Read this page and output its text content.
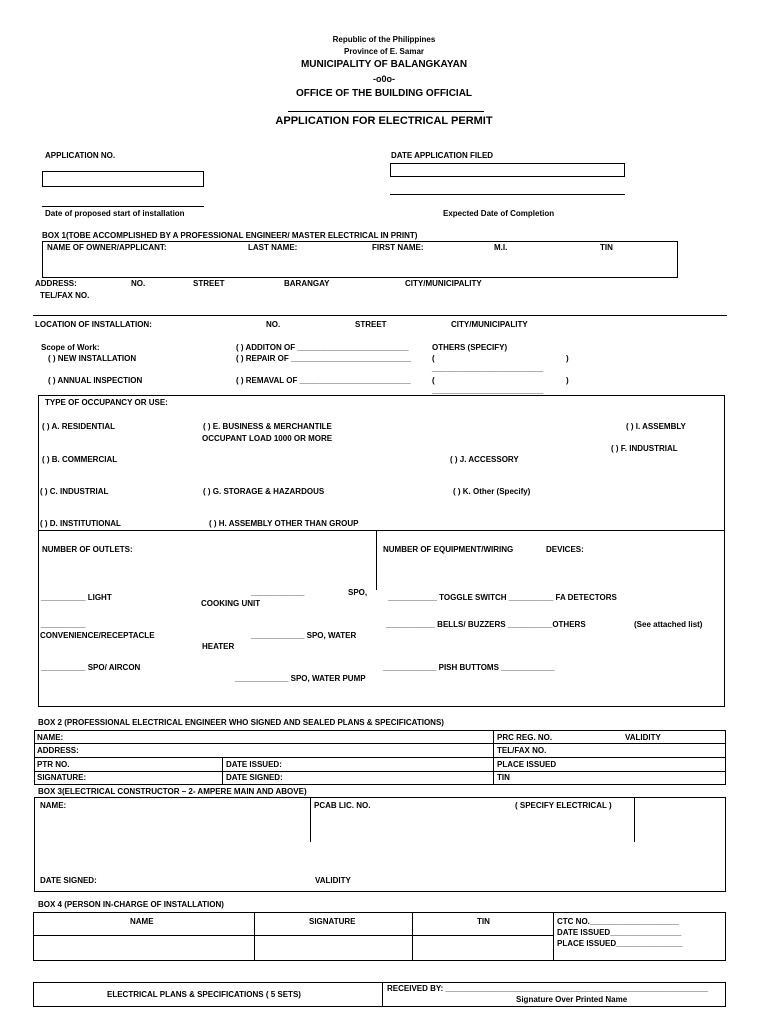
Republic of the Philippines
Province of E. Samar
MUNICIPALITY OF BALANGKAYAN
-o0o-
OFFICE OF THE BUILDING OFFICIAL
APPLICATION FOR ELECTRICAL PERMIT
APPLICATION NO.	DATE APPLICATION FILED
Date of proposed start of installation	Expected Date of Completion
BOX 1(TOBE ACCOMPLISHED BY A PROFESSIONAL ENGINEER/ MASTER ELECTRICAL IN PRINT)
NAME OF OWNER/APPLICANT:	LAST NAME:	FIRST NAME:	M.I.	TIN
ADDRESS:	NO.	STREET	BARANGAY	CITY/MUNICIPALITY
TEL/FAX NO.
LOCATION OF INSTALLATION:	NO.	STREET	CITY/MUNICIPALITY
Scope of Work:
( ) NEW INSTALLATION
( ) ANNUAL INSPECTION
( ) ADDITON OF _________________________
( ) REPAIR OF ___________________________
( ) REMAVAL OF _________________________
OTHERS (SPECIFY)
(	)
_________________________
(	)
_________________________
TYPE OF OCCUPANCY OR USE:
( ) A. RESIDENTIAL
( ) B. COMMERCIAL
( ) C. INDUSTRIAL
( ) D. INSTITUTIONAL
( ) E. BUSINESS & MERCHANTILE
OCCUPANT LOAD 1000 OR MORE
( ) G. STORAGE & HAZARDOUS
( ) H. ASSEMBLY OTHER THAN GROUP
( ) I. ASSEMBLY
( ) F. INDUSTRIAL
( ) J. ACCESSORY
( ) K. Other (Specify)
NUMBER OF OUTLETS:
__________ LIGHT
____________	SPO,
COOKING UNIT
__________
CONVENIENCE/RECEPTACLE	____________ SPO, WATER
HEATER
__________ SPO/ AIRCON
____________ SPO, WATER PUMP
NUMBER OF EQUIPMENT/WIRING	DEVICES:
___________ TOGGLE SWITCH __________ FA DETECTORS
___________ BELLS/ BUZZERS __________OTHERS	(See attached list)
____________ PISH BUTTOMS ____________
BOX 2 (PROFESSIONAL ELECTRICAL ENGINEER WHO SIGNED AND SEALED PLANS & SPECIFICATIONS)
NAME:	PRC REG. NO.	VALIDITY
ADDRESS:	TEL/FAX NO.
PTR NO.	DATE ISSUED:	PLACE ISSUED
SIGNATURE:	DATE SIGNED:	TIN
BOX 3(ELECTRICAL CONSTRUCTOR – 2- AMPERE MAIN AND ABOVE)
NAME:	PCAB LIC. NO.	( SPECIFY ELECTRICAL )
DATE SIGNED:	VALIDITY
BOX 4 (PERSON IN-CHARGE OF INSTALLATION)
NAME	SIGNATURE	TIN	CTC NO.____________________
DATE ISSUED________________
PLACE ISSUED_______________
ELECTRICAL PLANS & SPECIFICATIONS ( 5 SETS)
RECEIVED BY: ___________________________________________________________
Signature Over Printed Name
